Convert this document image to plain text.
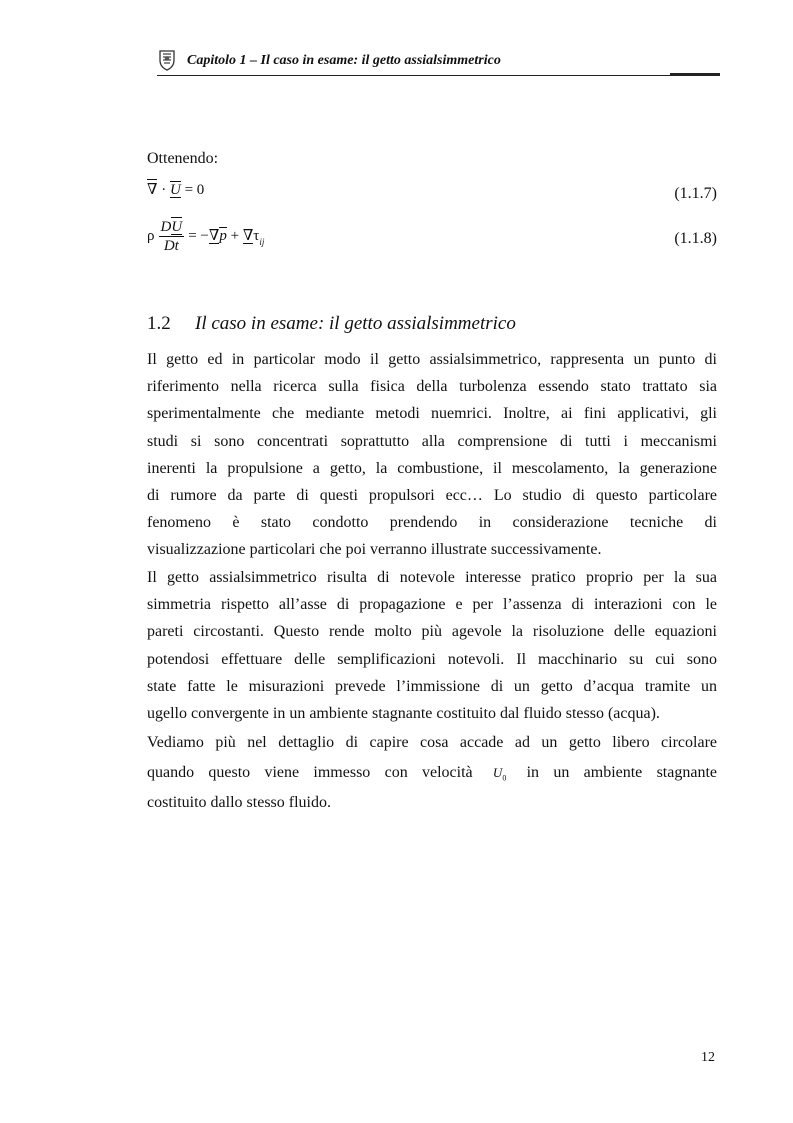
Capitolo 1 – Il caso in esame: il getto assialsimmetrico
Ottenendo:
∇ · U = 0	(1.1.7)
ρ $\frac{DU}{Dt} = -\nabla p + \nabla\tau_{ij}$	(1.1.8)
1.2 Il caso in esame: il getto assialsimmetrico
Il getto ed in particolar modo il getto assialsimmetrico, rappresenta un punto di
riferimento nella ricerca sulla fisica della turbolenza essendo stato trattato sia
sperimentalmente che mediante metodi nuemrici. Inoltre, ai fini applicativi, gli
studi si sono concentrati soprattutto alla comprensione di tutti i meccanismi
inerenti la propulsione a getto, la combustione, il mescolamento, la generazione
di rumore da parte di questi propulsori ecc… Lo studio di questo particolare
fenomeno è stato condotto prendendo in considerazione tecniche di
visualizzazione particolari che poi verranno illustrate successivamente.
Il getto assialsimmetrico risulta di notevole interesse pratico proprio per la sua
simmetria rispetto all’asse di propagazione e per l’assenza di interazioni con le
pareti circostanti. Questo rende molto più agevole la risoluzione delle equazioni
potendosi effettuare delle semplificazioni notevoli. Il macchinario su cui sono
state fatte le misurazioni prevede l’immissione di un getto d’acqua tramite un
ugello convergente in un ambiente stagnante costituito dal fluido stesso (acqua).
Vediamo più nel dettaglio di capire cosa accade ad un getto libero circolare
quando questo viene immesso con velocità $U_0$ in un ambiente stagnante
costituito dallo stesso fluido.
12
